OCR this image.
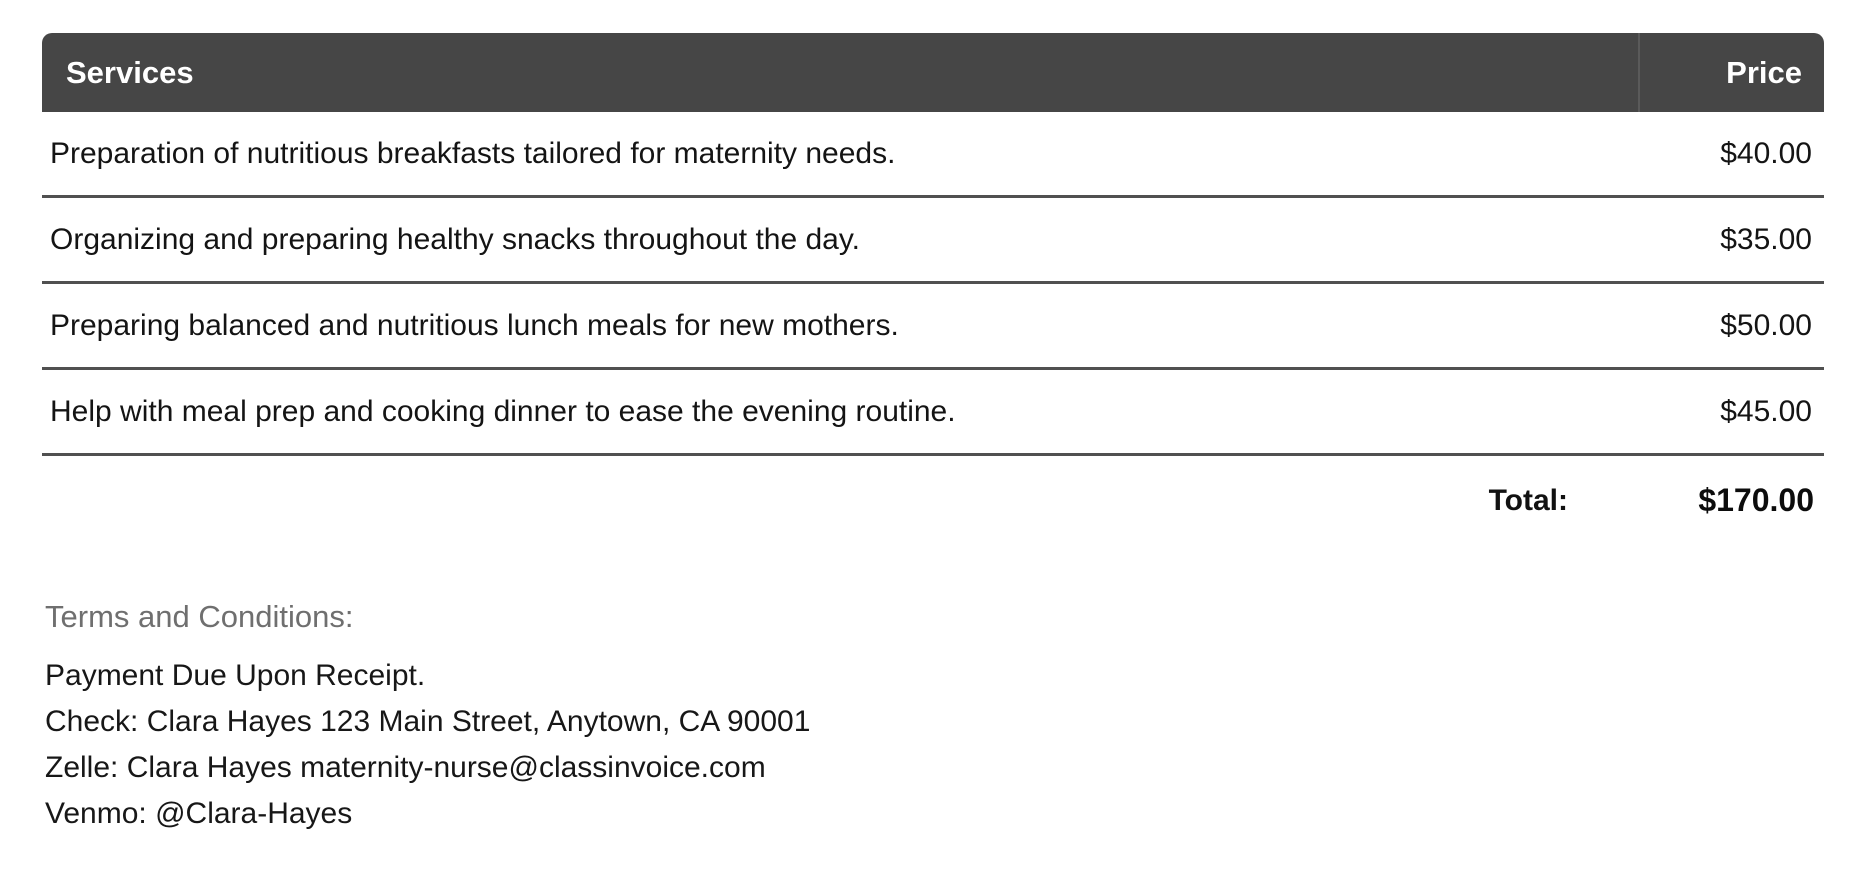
Services	Price
Preparation of nutritious breakfasts tailored for maternity needs.	$40.00
Organizing and preparing healthy snacks throughout the day.	$35.00
Preparing balanced and nutritious lunch meals for new mothers.	$50.00
Help with meal prep and cooking dinner to ease the evening routine.	$45.00
Total:	$170.00
Terms and Conditions:
Payment Due Upon Receipt.
Check: Clara Hayes 123 Main Street, Anytown, CA 90001
Zelle: Clara Hayes maternity-nurse@classinvoice.com
Venmo: @Clara-Hayes
